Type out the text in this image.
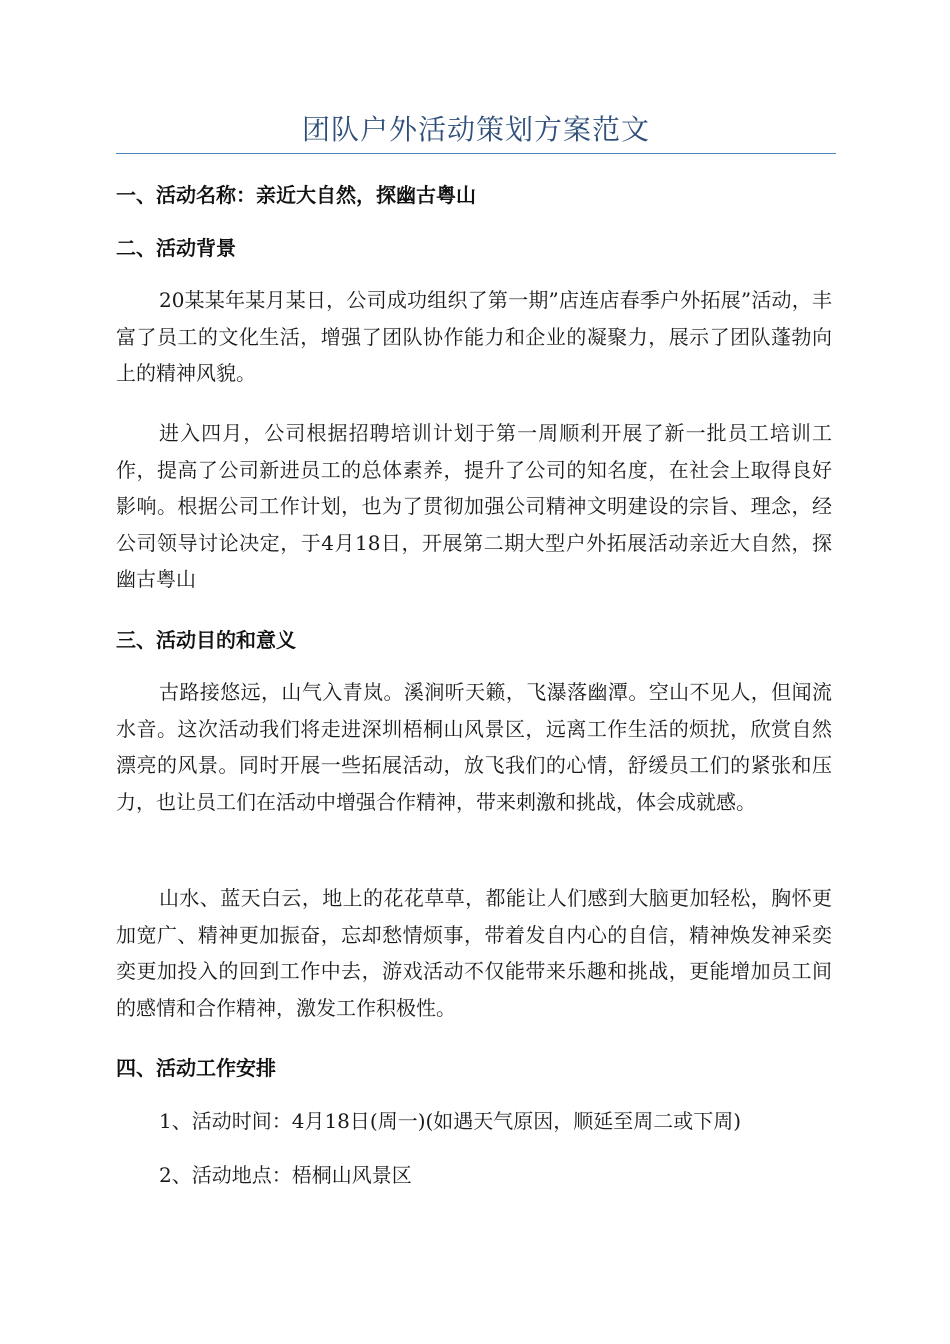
团队户外活动策划方案范文
一、活动名称：亲近大自然，探幽古粤山
二、活动背景
20某某年某月某日，公司成功组织了第一期”店连店春季户外拓展”活动，丰富了员工的文化生活，增强了团队协作能力和企业的凝聚力，展示了团队蓬勃向上的精神风貌。
进入四月，公司根据招聘培训计划于第一周顺利开展了新一批员工培训工作，提高了公司新进员工的总体素养，提升了公司的知名度，在社会上取得良好影响。根据公司工作计划，也为了贯彻加强公司精神文明建设的宗旨、理念，经公司领导讨论决定，于4月18日，开展第二期大型户外拓展活动亲近大自然，探幽古粤山
三、活动目的和意义
古路接悠远，山气入青岚。溪涧听天籁，飞瀑落幽潭。空山不见人，但闻流水音。这次活动我们将走进深圳梧桐山风景区，远离工作生活的烦扰，欣赏自然漂亮的风景。同时开展一些拓展活动，放飞我们的心情，舒缓员工们的紧张和压力，也让员工们在活动中增强合作精神，带来刺激和挑战，体会成就感。
山水、蓝天白云，地上的花花草草，都能让人们感到大脑更加轻松，胸怀更加宽广、精神更加振奋，忘却愁情烦事，带着发自内心的自信，精神焕发神采奕奕更加投入的回到工作中去，游戏活动不仅能带来乐趣和挑战，更能增加员工间的感情和合作精神，激发工作积极性。
四、活动工作安排
1、活动时间：4月18日(周一)(如遇天气原因，顺延至周二或下周)
2、活动地点：梧桐山风景区
